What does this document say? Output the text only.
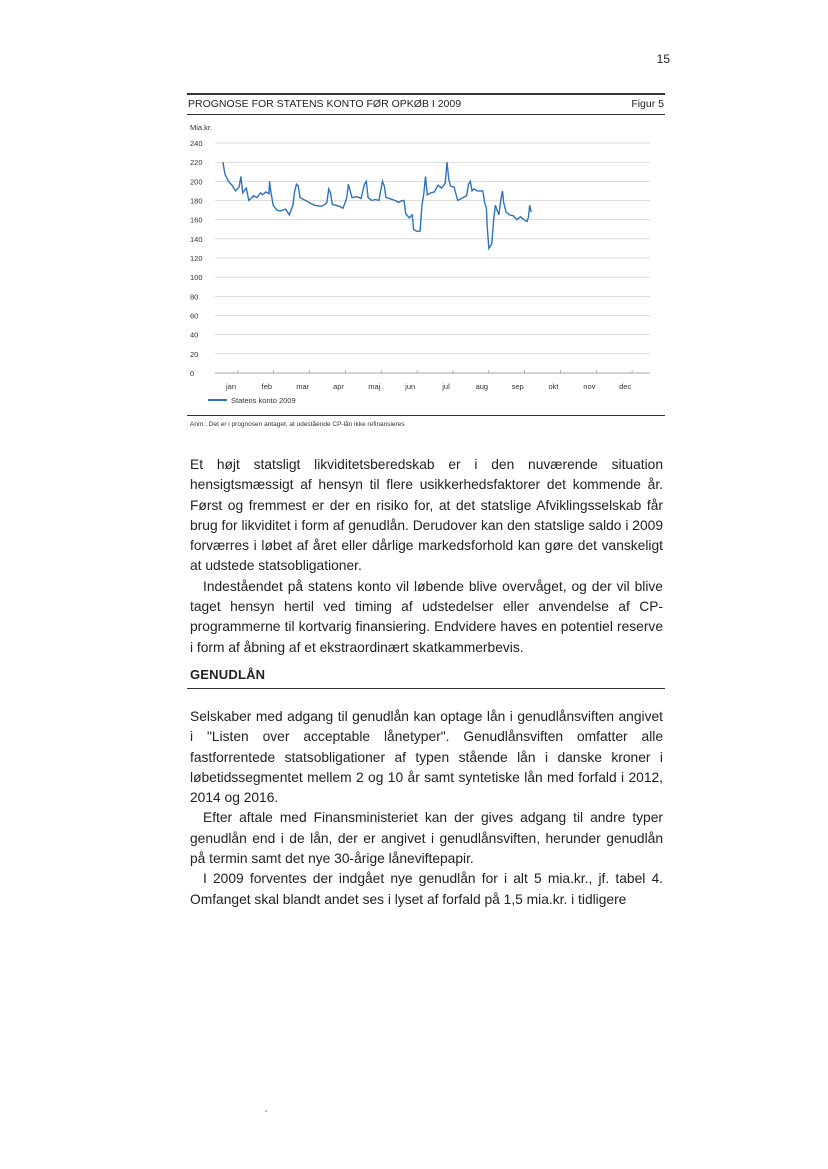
15
PROGNOSE FOR STATENS KONTO FØR OPKØB I 2009	Figur 5
240
220
200
180
160
140
120
100
80
60
40
20
0
jan	feb	mar	apr	maj	jun	jul	aug	sep	okt	nov	dec
Mia.kr.
Statens konto 2009
Anm.: Det er i prognosen antaget, at udestående CP-lån ikke refinansieres

Et højt statsligt likviditetsberedskab er i den nuværende situation hensigtsmæssigt af hensyn til flere usikkerhedsfaktorer det kommende år. Først og fremmest er der en risiko for, at det statslige Afviklingsselskab får brug for likviditet i form af genudlån. Derudover kan den statslige saldo i 2009 forværres i løbet af året eller dårlige markedsforhold kan gøre det vanskeligt at udstede statsobligationer.

Indeståendet på statens konto vil løbende blive overvåget, og der vil blive taget hensyn hertil ved timing af udstedelser eller anvendelse af CP-programmerne til kortvarig finansiering. Endvidere haves en potentiel reserve i form af åbning af et ekstraordinært skatkammerbevis.

GENUDLÅN

Selskaber med adgang til genudlån kan optage lån i genudlånsviften angivet i "Listen over acceptable lånetyper". Genudlånsviften omfatter alle fastforrentede statsobligationer af typen stående lån i danske kroner i løbetidssegmentet mellem 2 og 10 år samt syntetiske lån med forfald i 2012, 2014 og 2016.

Efter aftale med Finansministeriet kan der gives adgang til andre typer genudlån end i de lån, der er angivet i genudlånsviften, herunder genudlån på termin samt det nye 30-årige låneviftepapir.

I 2009 forventes der indgået nye genudlån for i alt 5 mia.kr., jf. tabel 4. Omfanget skal blandt andet ses i lyset af forfald på 1,5 mia.kr. i tidligere
